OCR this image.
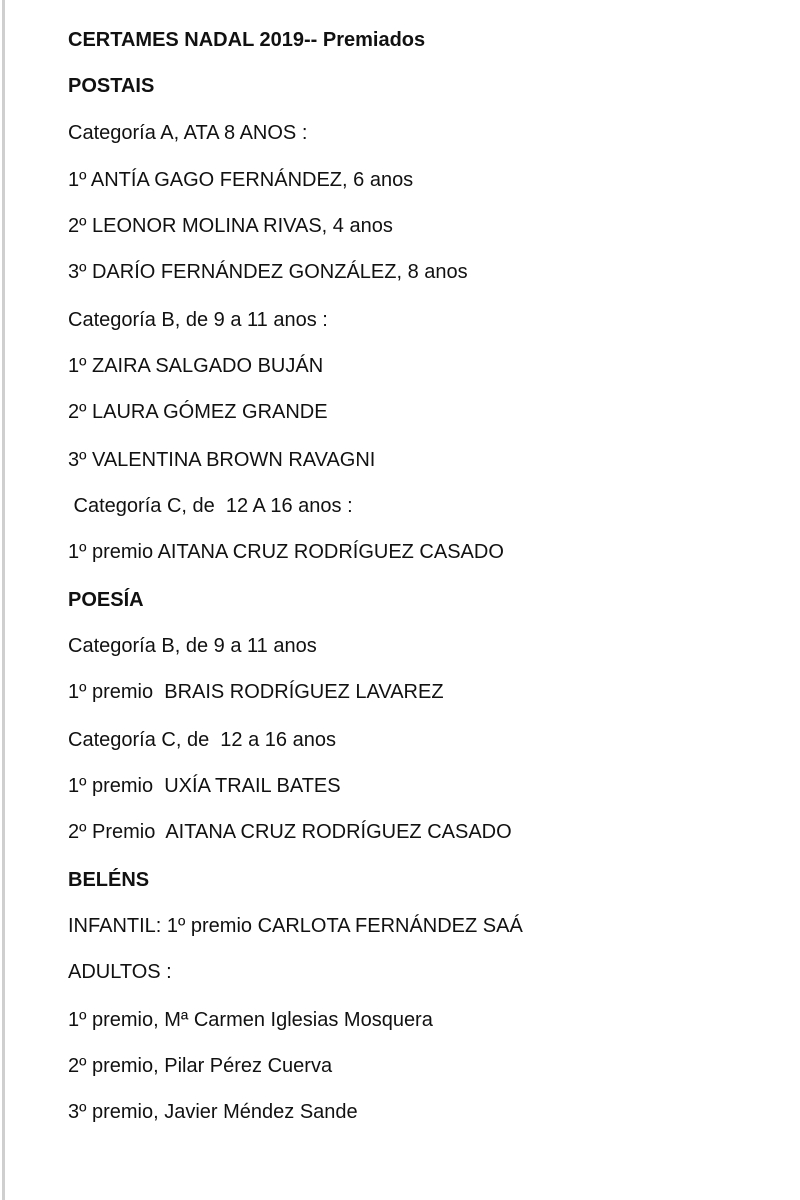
CERTAMES NADAL 2019-- Premiados
POSTAIS
Categoría A, ATA 8 ANOS :
1º ANTÍA GAGO FERNÁNDEZ, 6 anos
2º LEONOR MOLINA RIVAS, 4 anos
3º DARÍO FERNÁNDEZ GONZÁLEZ, 8 anos
Categoría B, de 9 a 11 anos :
1º ZAIRA SALGADO BUJÁN
2º LAURA GÓMEZ GRANDE
3º VALENTINA BROWN RAVAGNI
Categoría C, de  12 A 16 anos :
1º premio AITANA CRUZ RODRÍGUEZ CASADO
POESÍA
Categoría B, de 9 a 11 anos
1º premio  BRAIS RODRÍGUEZ LAVAREZ
Categoría C, de  12 a 16 anos
1º premio  UXÍA TRAIL BATES
2º Premio  AITANA CRUZ RODRÍGUEZ CASADO
BELÉNS
INFANTIL: 1º premio CARLOTA FERNÁNDEZ SAÁ
ADULTOS :
1º premio, Mª Carmen Iglesias Mosquera
2º premio, Pilar Pérez Cuerva
3º premio, Javier Méndez Sande
